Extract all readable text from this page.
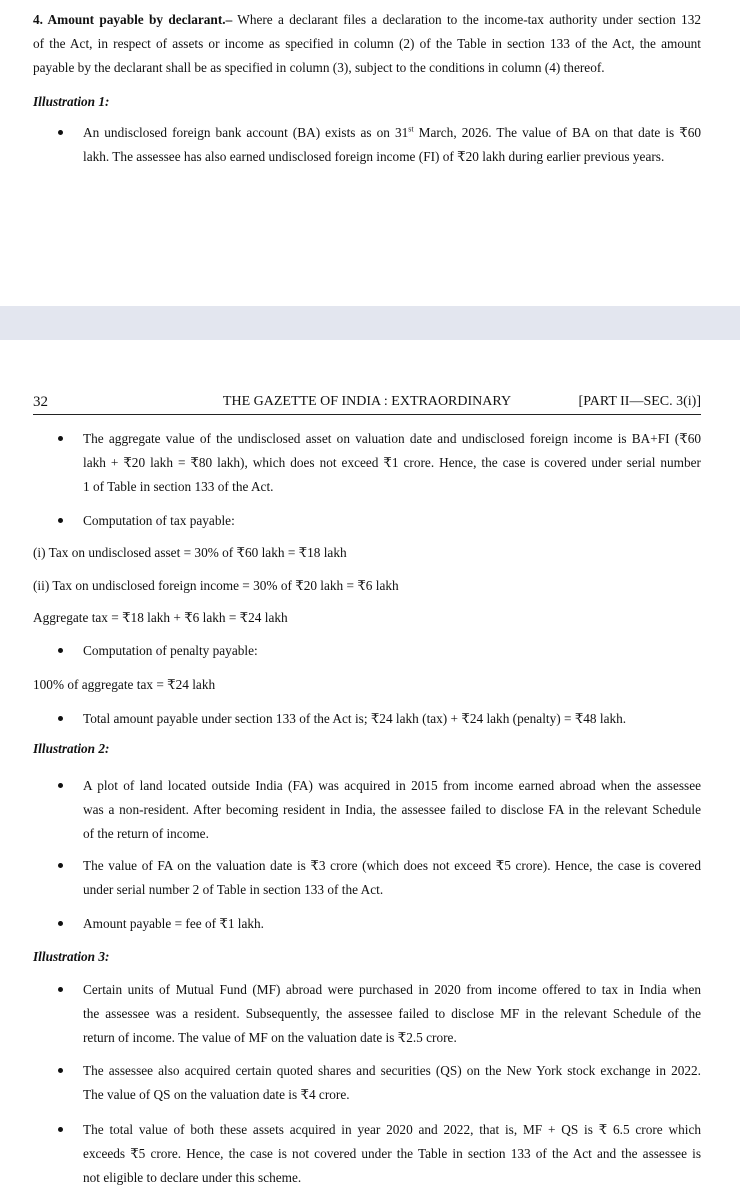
4. Amount payable by declarant.– Where a declarant files a declaration to the income-tax authority under section 132
of the Act, in respect of assets or income as specified in column (2) of the Table in section 133 of the Act, the amount
payable by the declarant shall be as specified in column (3), subject to the conditions in column (4) thereof.
Illustration 1:
An undisclosed foreign bank account (BA) exists as on 31st March, 2026. The value of BA on that date is ₹60
lakh. The assessee has also earned undisclosed foreign income (FI) of ₹20 lakh during earlier previous years.
32	THE GAZETTE OF INDIA : EXTRAORDINARY	[PART II—SEC. 3(i)]
The aggregate value of the undisclosed asset on valuation date and undisclosed foreign income is BA+FI (₹60
lakh + ₹20 lakh = ₹80 lakh), which does not exceed ₹1 crore. Hence, the case is covered under serial number
1 of Table in section 133 of the Act.
Computation of tax payable:
(i) Tax on undisclosed asset = 30% of ₹60 lakh = ₹18 lakh
(ii) Tax on undisclosed foreign income = 30% of ₹20 lakh = ₹6 lakh
Aggregate tax = ₹18 lakh + ₹6 lakh = ₹24 lakh
Computation of penalty payable:
100% of aggregate tax = ₹24 lakh
Total amount payable under section 133 of the Act is; ₹24 lakh (tax) + ₹24 lakh (penalty) = ₹48 lakh.
Illustration 2:
A plot of land located outside India (FA) was acquired in 2015 from income earned abroad when the assessee
was a non-resident. After becoming resident in India, the assessee failed to disclose FA in the relevant Schedule
of the return of income.
The value of FA on the valuation date is ₹3 crore (which does not exceed ₹5 crore). Hence, the case is covered
under serial number 2 of Table in section 133 of the Act.
Amount payable = fee of ₹1 lakh.
Illustration 3:
Certain units of Mutual Fund (MF) abroad were purchased in 2020 from income offered to tax in India when
the assessee was a resident. Subsequently, the assessee failed to disclose MF in the relevant Schedule of the
return of income. The value of MF on the valuation date is ₹2.5 crore.
The assessee also acquired certain quoted shares and securities (QS) on the New York stock exchange in 2022.
The value of QS on the valuation date is ₹4 crore.
The total value of both these assets acquired in year 2020 and 2022, that is, MF + QS is ₹ 6.5 crore which
exceeds ₹5 crore. Hence, the case is not covered under the Table in section 133 of the Act and the assessee is
not eligible to declare under this scheme.
